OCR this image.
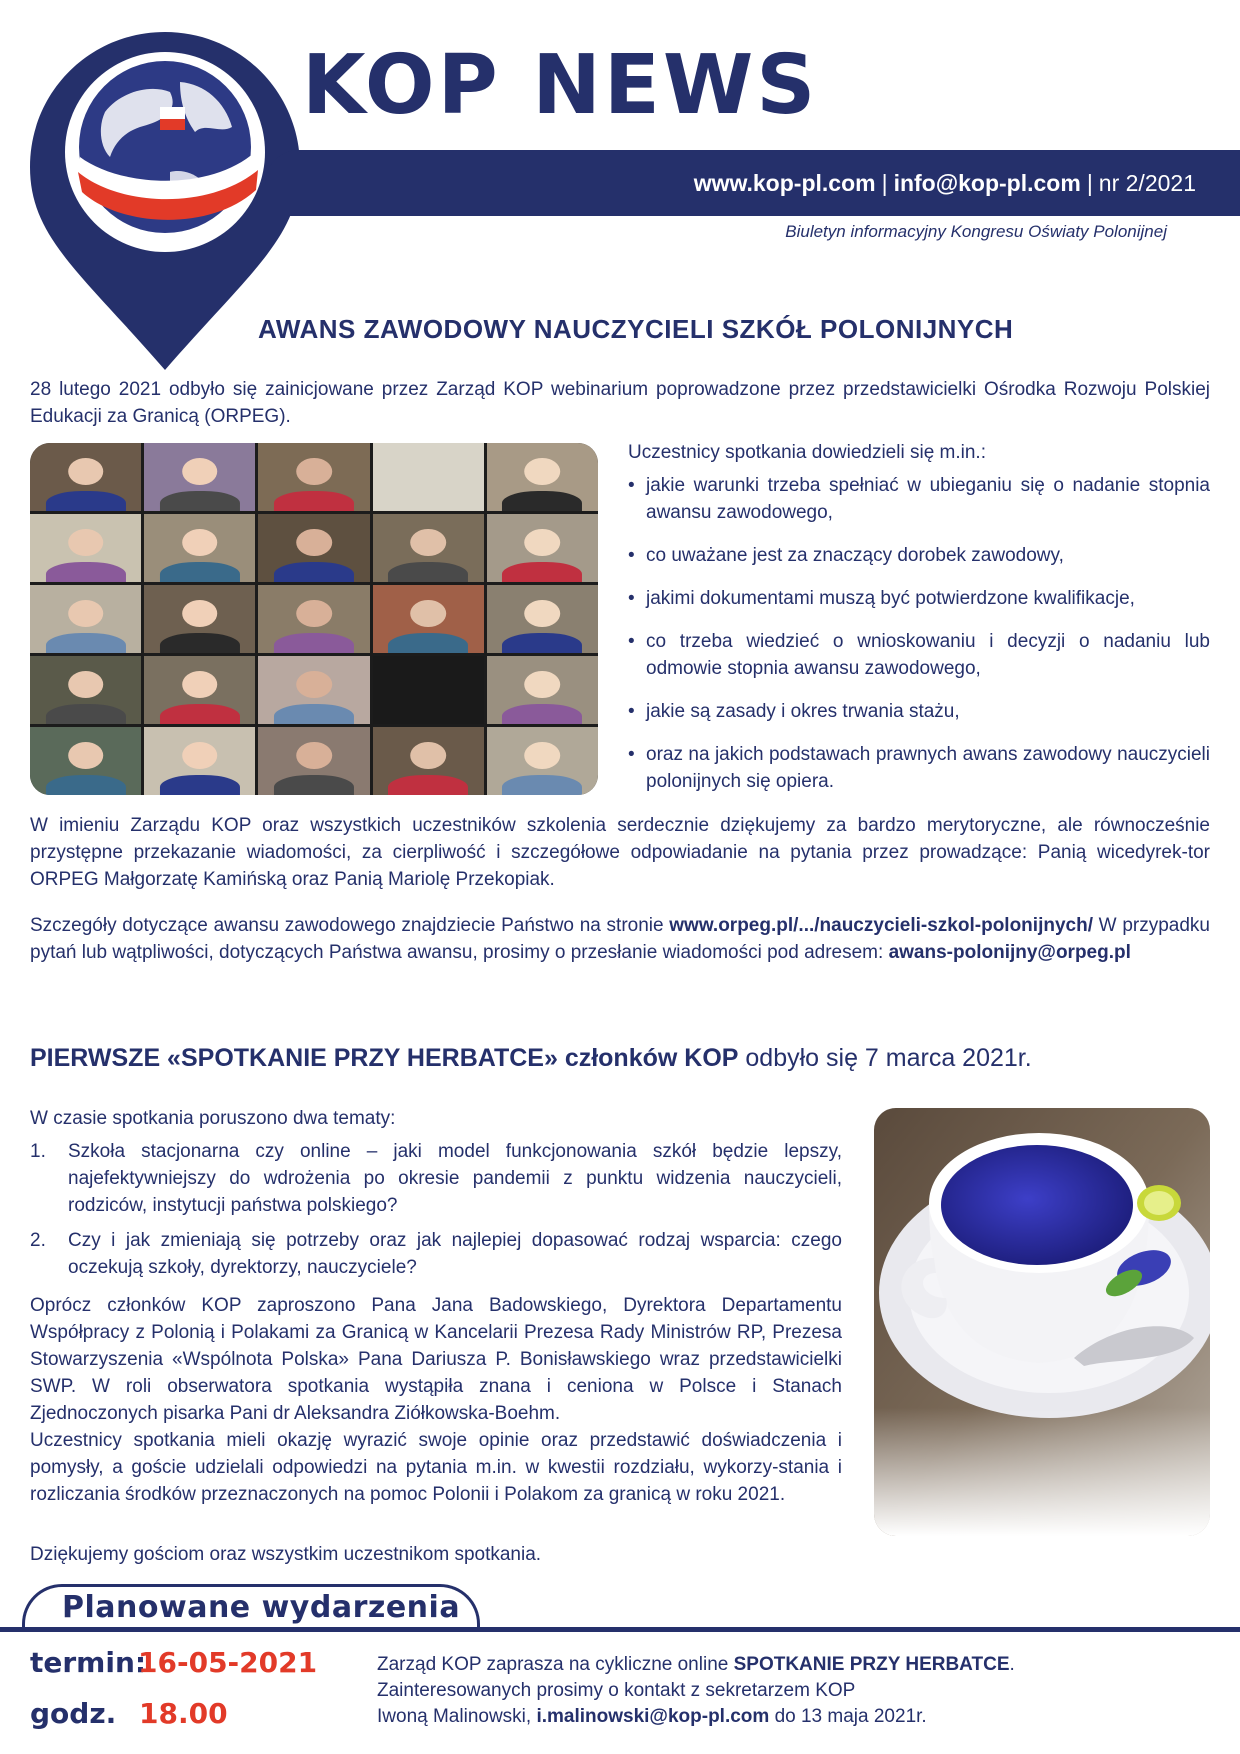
KOP NEWS
www.kop-pl.com | info@kop-pl.com | nr 2/2021
Biuletyn informacyjny Kongresu Oświaty Polonijnej
AWANS ZAWODOWY NAUCZYCIELI SZKÓŁ POLONIJNYCH

28 lutego 2021 odbyło się zainicjowane przez Zarząd KOP webinarium poprowadzone przez przedstawicielki Ośrodka Rozwoju Polskiej Edukacji za Granicą (ORPEG).

Uczestnicy spotkania dowiedzieli się m.in.:
• jakie warunki trzeba spełniać w ubieganiu się o nadanie stopnia awansu zawodowego,
• co uważane jest za znaczący dorobek zawodowy,
• jakimi dokumentami muszą być potwierdzone kwalifikacje,
• co trzeba wiedzieć o wnioskowaniu i decyzji o nadaniu lub odmowie stopnia awansu zawodowego,
• jakie są zasady i okres trwania stażu,
• oraz na jakich podstawach prawnych awans zawodowy nauczycieli polonijnych się opiera.

W imieniu Zarządu KOP oraz wszystkich uczestników szkolenia serdecznie dziękujemy za bardzo merytoryczne, ale równocześnie przystępne przekazanie wiadomości, za cierpliwość i szczegółowe odpowiadanie na pytania przez prowadzące: Panią wicedyrek-tor ORPEG Małgorzatę Kamińską oraz Panią Mariolę Przekopiak.

Szczegóły dotyczące awansu zawodowego znajdziecie Państwo na stronie www.orpeg.pl/.../nauczycieli-szkol-polonijnych/ W przypadku pytań lub wątpliwości, dotyczących Państwa awansu, prosimy o przesłanie wiadomości pod adresem: awans-polonijny@orpeg.pl

PIERWSZE «SPOTKANIE PRZY HERBATCE» członków KOP odbyło się 7 marca 2021r.
W czasie spotkania poruszono dwa tematy:
1. Szkoła stacjonarna czy online – jaki model funkcjonowania szkół będzie lepszy, najefektywniejszy do wdrożenia po okresie pandemii z punktu widzenia nauczycieli, rodziców, instytucji państwa polskiego?
2. Czy i jak zmieniają się potrzeby oraz jak najlepiej dopasować rodzaj wsparcia: czego oczekują szkoły, dyrektorzy, nauczyciele?

Oprócz członków KOP zaproszono Pana Jana Badowskiego, Dyrektora Departamentu Współpracy z Polonią i Polakami za Granicą w Kancelarii Prezesa Rady Ministrów RP, Prezesa Stowarzyszenia «Wspólnota Polska» Pana Dariusza P. Bonisławskiego wraz przedstawicielki SWP. W roli obserwatora spotkania wystąpiła znana i ceniona w Polsce i Stanach Zjednoczonych pisarka Pani dr Aleksandra Ziółkowska-Boehm.

Uczestnicy spotkania mieli okazję wyrazić swoje opinie oraz przedstawić doświadczenia i pomysły, a goście udzielali odpowiedzi na pytania m.in. w kwestii rozdziału, wykorzy-stania i rozliczania środków przeznaczonych na pomoc Polonii i Polakom za granicą w roku 2021.

Dziękujemy gościom oraz wszystkim uczestnikom spotkania.

Planowane wydarzenia
termin:
16-05-2021
godz. 18.00
Zarząd KOP zaprasza na cykliczne online SPOTKANIE PRZY HERBATCE.
Zainteresowanych prosimy o kontakt z sekretarzem KOP
Iwoną Malinowski, i.malinowski@kop-pl.com do 13 maja 2021r.
